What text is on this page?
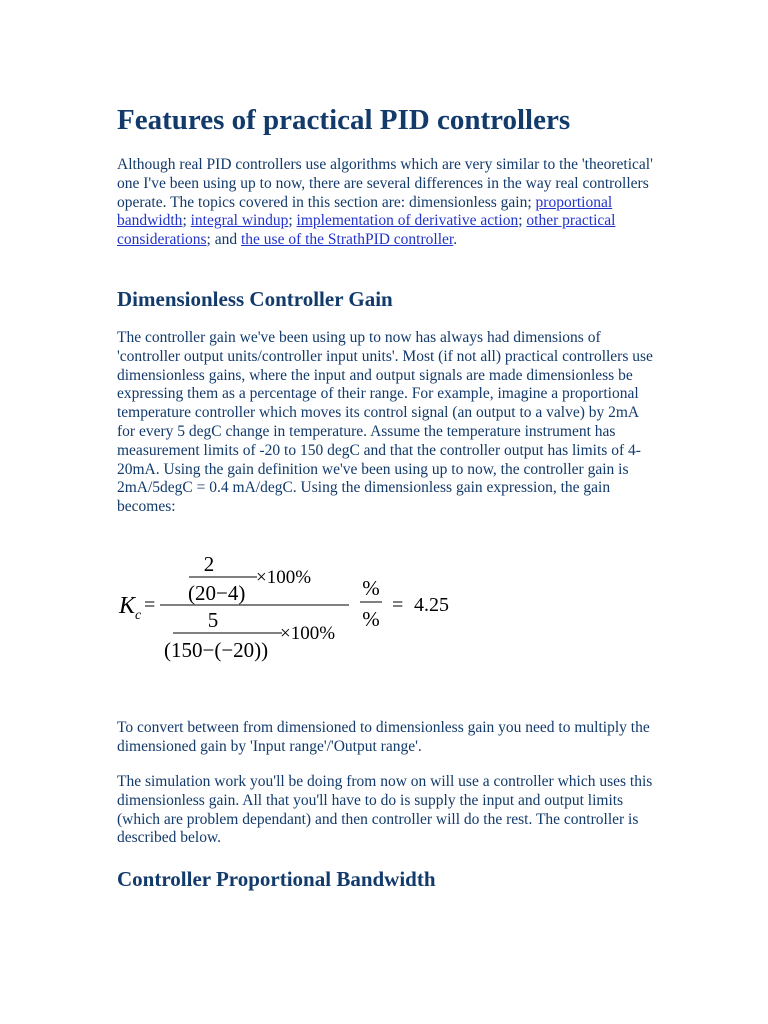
Features of practical PID controllers

Although real PID controllers use algorithms which are very similar to the 'theoretical' one I've been using up to now, there are several differences in the way real controllers operate. The topics covered in this section are: dimensionless gain; proportional bandwidth; integral windup; implementation of derivative action; other practical considerations; and the use of the StrathPID controller.

Dimensionless Controller Gain

The controller gain we've been using up to now has always had dimensions of 'controller output units/controller input units'. Most (if not all) practical controllers use dimensionless gains, where the input and output signals are made dimensionless be expressing them as a percentage of their range. For example, imagine a proportional temperature controller which moves its control signal (an output to a valve) by 2mA for every 5 degC change in temperature. Assume the temperature instrument has measurement limits of -20 to 150 degC and that the controller output has limits of 4-20mA. Using the gain definition we've been using up to now, the controller gain is 2mA/5degC = 0.4 mA/degC. Using the dimensionless gain expression, the gain becomes:

2
(20−4)
×100%
K c =
5
(150−(−20))
×100%
%
%
= 4.25

To convert between from dimensioned to dimensionless gain you need to multiply the dimensioned gain by 'Input range'/'Output range'.

The simulation work you'll be doing from now on will use a controller which uses this dimensionless gain. All that you'll have to do is supply the input and output limits (which are problem dependant) and then controller will do the rest. The controller is described below.

Controller Proportional Bandwidth
